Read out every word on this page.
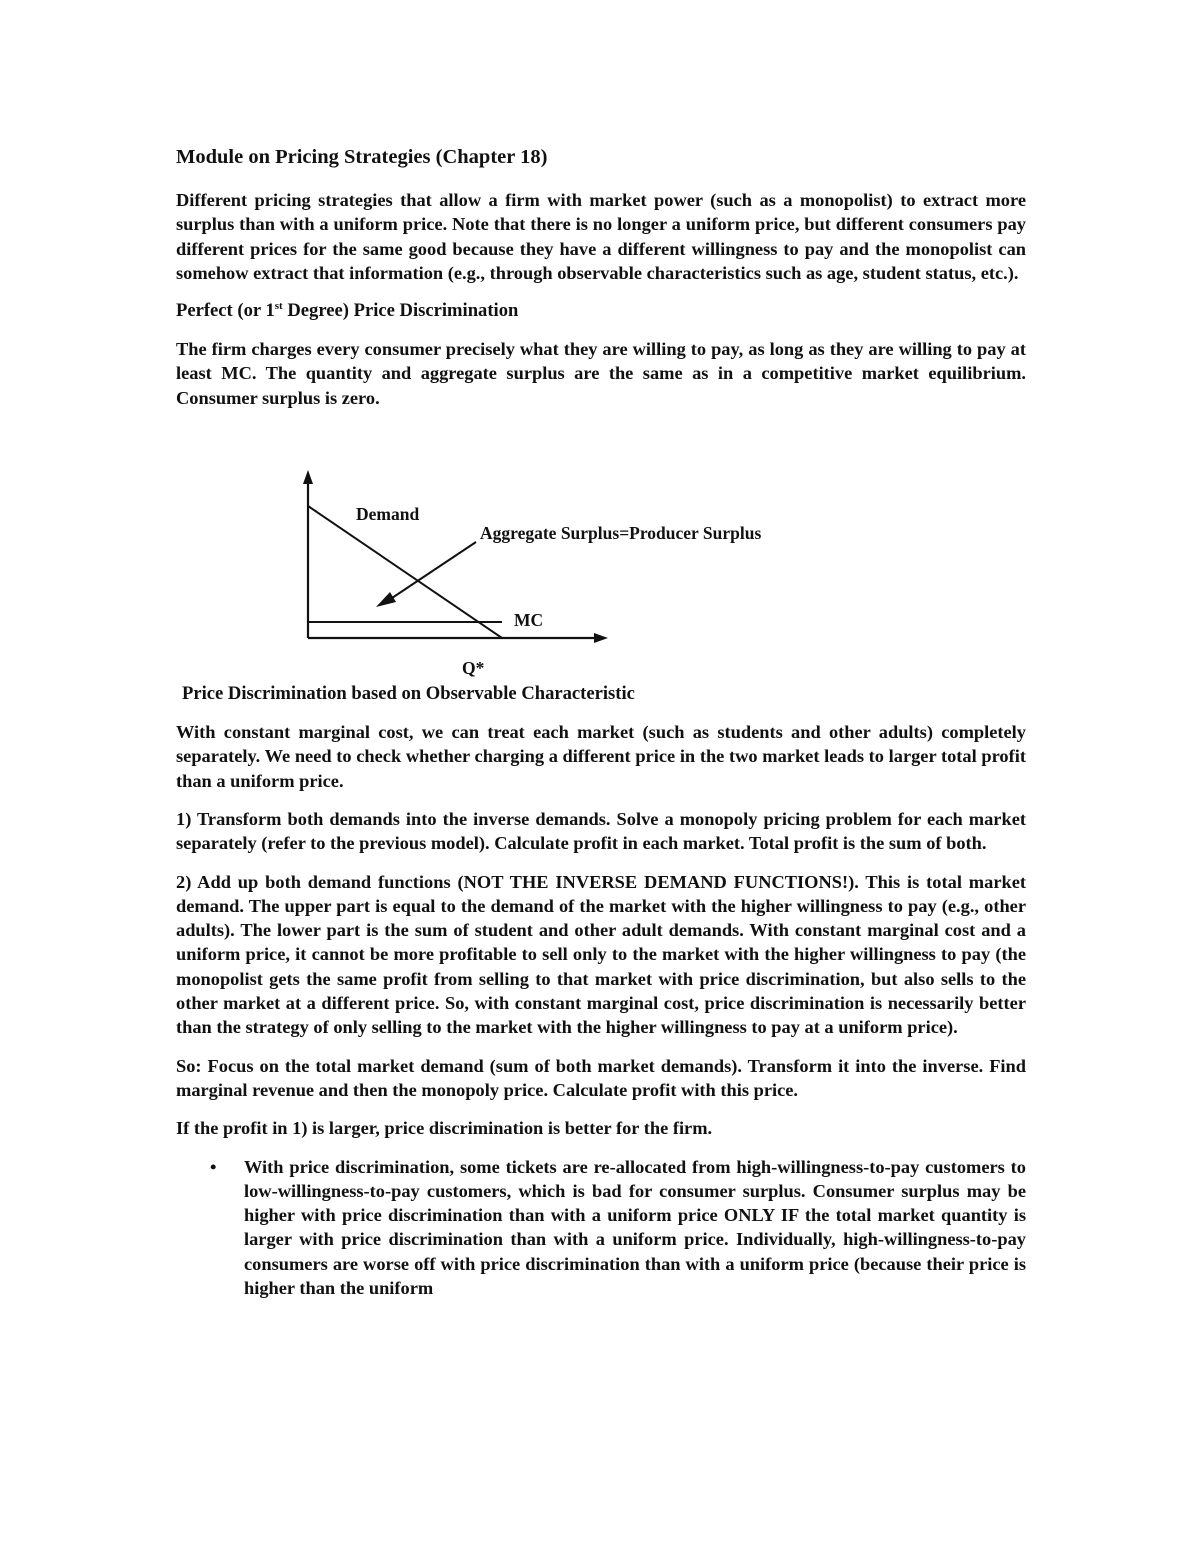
Module on Pricing Strategies (Chapter 18)

Different pricing strategies that allow a firm with market power (such as a monopolist) to extract more surplus than with a uniform price. Note that there is no longer a uniform price, but different consumers pay different prices for the same good because they have a different willingness to pay and the monopolist can somehow extract that information (e.g., through observable characteristics such as age, student status, etc.).

Perfect (or 1st Degree) Price Discrimination

The firm charges every consumer precisely what they are willing to pay, as long as they are willing to pay at least MC. The quantity and aggregate surplus are the same as in a competitive market equilibrium. Consumer surplus is zero.

Demand
Aggregate Surplus=Producer Surplus
MC
Q*
Price Discrimination based on Observable Characteristic

With constant marginal cost, we can treat each market (such as students and other adults) completely separately. We need to check whether charging a different price in the two market leads to larger total profit than a uniform price.

1) Transform both demands into the inverse demands. Solve a monopoly pricing problem for each market separately (refer to the previous model). Calculate profit in each market. Total profit is the sum of both.

2) Add up both demand functions (NOT THE INVERSE DEMAND FUNCTIONS!). This is total market demand. The upper part is equal to the demand of the market with the higher willingness to pay (e.g., other adults). The lower part is the sum of student and other adult demands. With constant marginal cost and a uniform price, it cannot be more profitable to sell only to the market with the higher willingness to pay (the monopolist gets the same profit from selling to that market with price discrimination, but also sells to the other market at a different price. So, with constant marginal cost, price discrimination is necessarily better than the strategy of only selling to the market with the higher willingness to pay at a uniform price).

So: Focus on the total market demand (sum of both market demands). Transform it into the inverse. Find marginal revenue and then the monopoly price. Calculate profit with this price.

If the profit in 1) is larger, price discrimination is better for the firm.

• With price discrimination, some tickets are re-allocated from high-willingness-to-pay customers to low-willingness-to-pay customers, which is bad for consumer surplus. Consumer surplus may be higher with price discrimination than with a uniform price ONLY IF the total market quantity is larger with price discrimination than with a uniform price. Individually, high-willingness-to-pay consumers are worse off with price discrimination than with a uniform price (because their price is higher than the uniform
